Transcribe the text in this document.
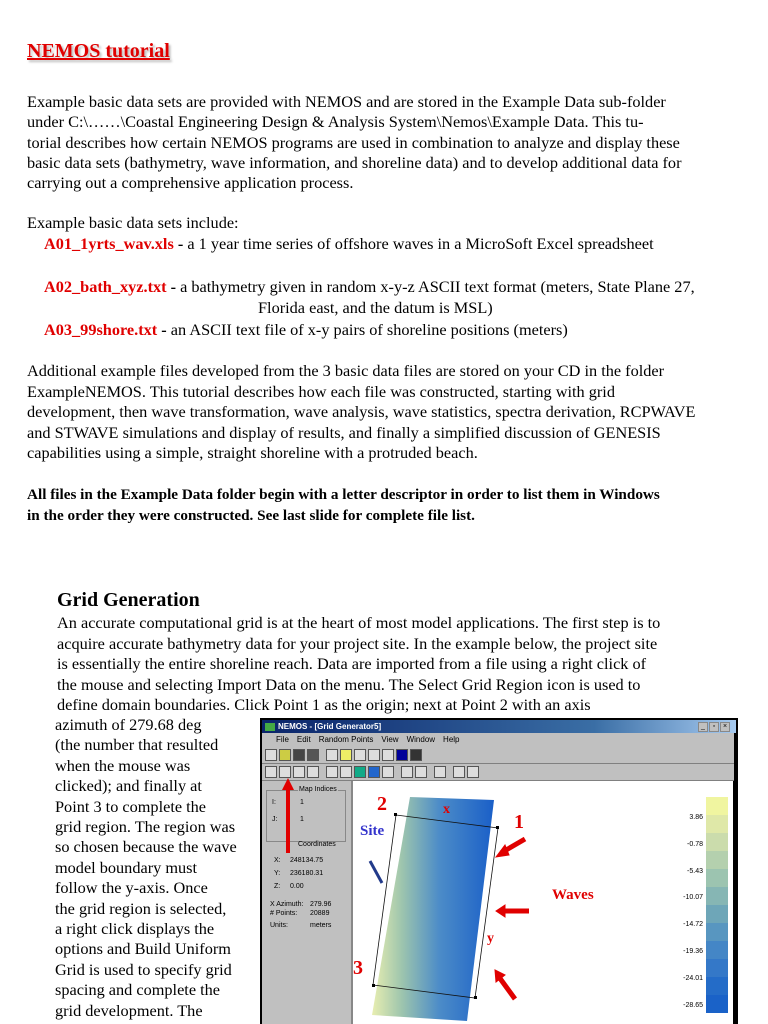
NEMOS tutorial
Example basic data sets are provided with NEMOS and are stored in the Example Data sub-folder
under C:\……\Coastal Engineering Design & Analysis System\Nemos\Example Data. This tu-
torial describes how certain NEMOS programs are used in combination to analyze and display these
basic data sets (bathymetry, wave information, and shoreline data) and to develop additional data for
carrying out a comprehensive application process.
Example basic data sets include:
A01_1yrts_wav.xls - a 1 year time series of offshore waves in a MicroSoft Excel spreadsheet
A02_bath_xyz.txt - a bathymetry given in random x-y-z ASCII text format (meters, State Plane 27,
Florida east, and the datum is MSL)
A03_99shore.txt - an ASCII text file of x-y pairs of shoreline positions (meters)
Additional example files developed from the 3 basic data files are stored on your CD in the folder
ExampleNEMOS. This tutorial describes how each file was constructed, starting with grid
development, then wave transformation, wave analysis, wave statistics, spectra derivation, RCPWAVE
and STWAVE simulations and display of results, and finally a simplified discussion of GENESIS
capabilities using a simple, straight shoreline with a protruded beach.
All files in the Example Data folder begin with a letter descriptor in order to list them in Windows
in the order they were constructed. See last slide for complete file list.
Grid Generation
An accurate computational grid is at the heart of most model applications. The first step is to
acquire accurate bathymetry data for your project site. In the example below, the project site
is essentially the entire shoreline reach. Data are imported from a file using a right click of
the mouse and selecting Import Data on the menu. The Select Grid Region icon is used to
define domain boundaries. Click Point 1 as the origin; next at Point 2 with an axis
azimuth of 279.68 deg
(the number that resulted
when the mouse was
clicked); and finally at
Point 3 to complete the
grid region. The region was
so chosen because the wave
model boundary must
follow the y-axis. Once
the grid region is selected,
a right click displays the
options and Build Uniform
Grid is used to specify grid
spacing and complete the
grid development. The
NEMOS - [Grid Generator5]	_	▫	×
File Edit Random Points View Window Help
Map Indices
I:	1
J:	1
Coordinates
X: 248134.75
Y: 236180.31
Z: 0.00
X Azimuth: 279.96
# Points: 20889
Units:	meters
2	x
1
Site
Waves
y
3
3.86
-0.78
-5.43
-10.07
-14.72
-19.36
-24.01
-28.65
